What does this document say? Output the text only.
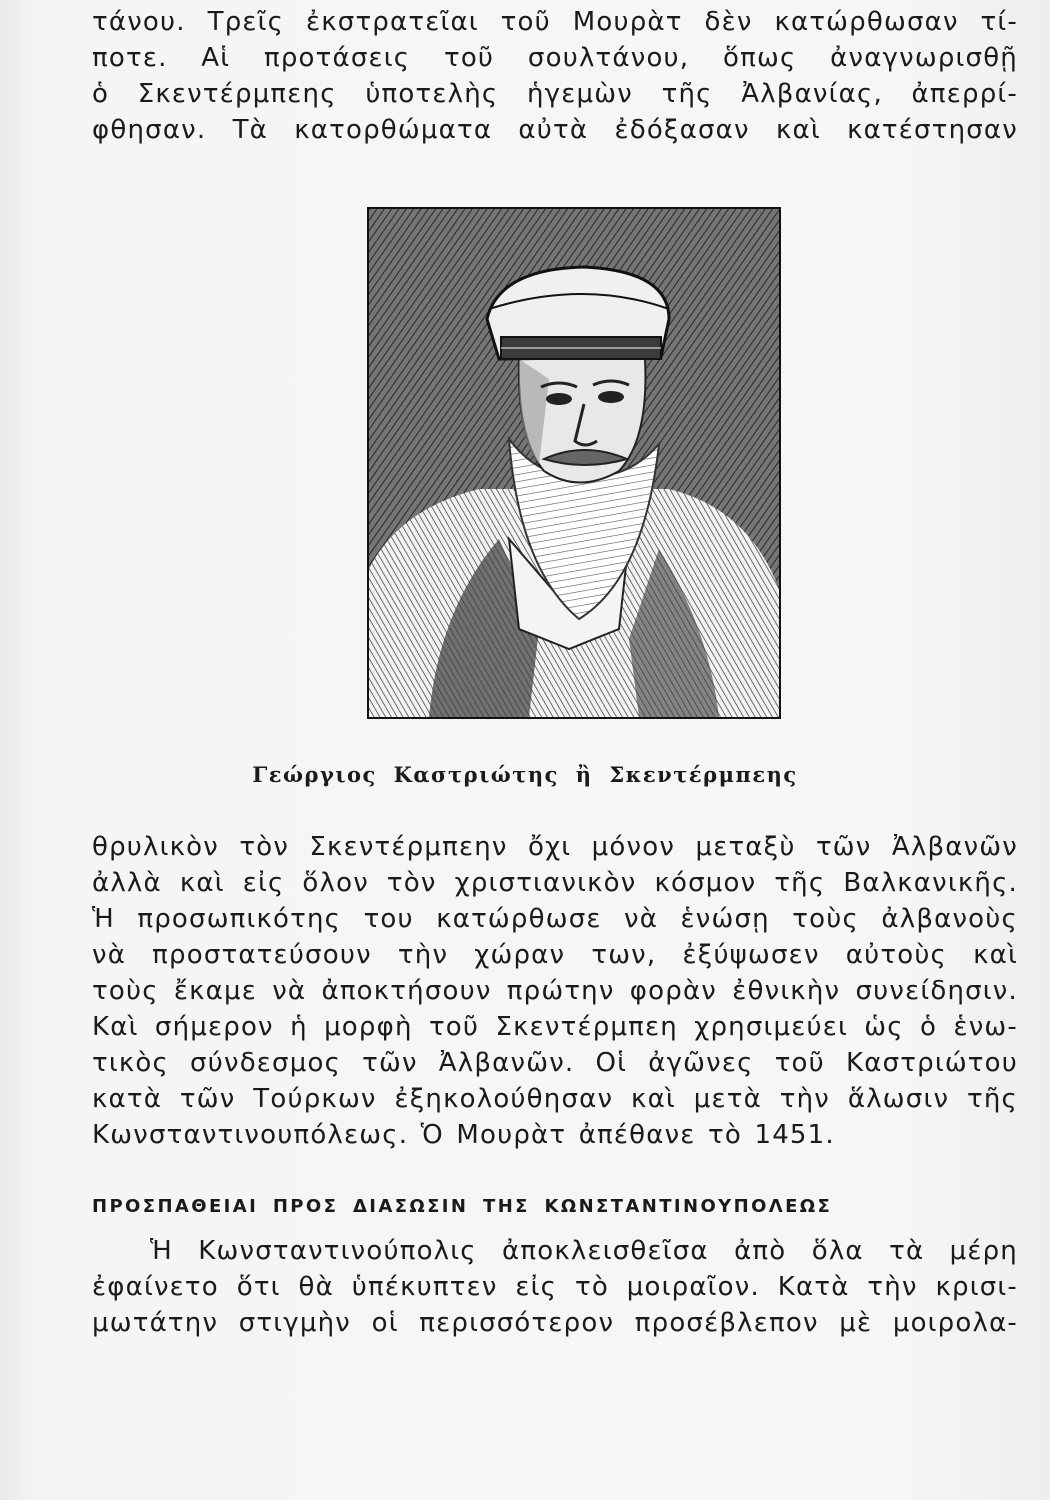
τάνου. Τρεῖς ἐκστρατεῖαι τοῦ Μουρὰτ δὲν κατώρθωσαν τί-
ποτε. Αἱ προτάσεις τοῦ σουλτάνου, ὅπως ἀναγνωρισθῇ
ὁ Σκεντέρμπεης ὑποτελὴς ἡγεμὼν τῆς Ἀλβανίας, ἀπερρί-
φθησαν. Τὰ κατορθώματα αὐτὰ ἐδόξασαν καὶ κατέστησαν
Γεώργιος Καστριώτης ἢ Σκεντέρμπεης
θρυλικὸν τὸν Σκεντέρμπεην ὄχι μόνον μεταξὺ τῶν Ἀλβανῶν
ἀλλὰ καὶ εἰς ὅλον τὸν χριστιανικὸν κόσμον τῆς Βαλκανικῆς.
Ἡ προσωπικότης του κατώρθωσε νὰ ἑνώσῃ τοὺς ἀλβανοὺς
νὰ προστατεύσουν τὴν χώραν των, ἐξύψωσεν αὐτοὺς καὶ
τοὺς ἔκαμε νὰ ἀποκτήσουν πρώτην φορὰν ἐθνικὴν συνείδησιν.
Καὶ σήμερον ἡ μορφὴ τοῦ Σκεντέρμπεη χρησιμεύει ὡς ὁ ἑνω-
τικὸς σύνδεσμος τῶν Ἀλβανῶν. Οἱ ἀγῶνες τοῦ Καστριώτου
κατὰ τῶν Τούρκων ἐξηκολούθησαν καὶ μετὰ τὴν ἅλωσιν τῆς
Κωνσταντινουπόλεως. Ὁ Μουρὰτ ἀπέθανε τὸ 1451.
ΠΡΟΣΠΑΘΕΙΑΙ ΠΡΟΣ ΔΙΑΣΩΣΙΝ ΤΗΣ ΚΩΝΣΤΑΝΤΙΝΟΥΠΟΛΕΩΣ
Ἡ Κωνσταντινούπολις ἀποκλεισθεῖσα ἀπὸ ὅλα τὰ μέρη
ἐφαίνετο ὅτι θὰ ὑπέκυπτεν εἰς τὸ μοιραῖον. Κατὰ τὴν κρισι-
μωτάτην στιγμὴν οἱ περισσότερον προσέβλεπον μὲ μοιρολα-
